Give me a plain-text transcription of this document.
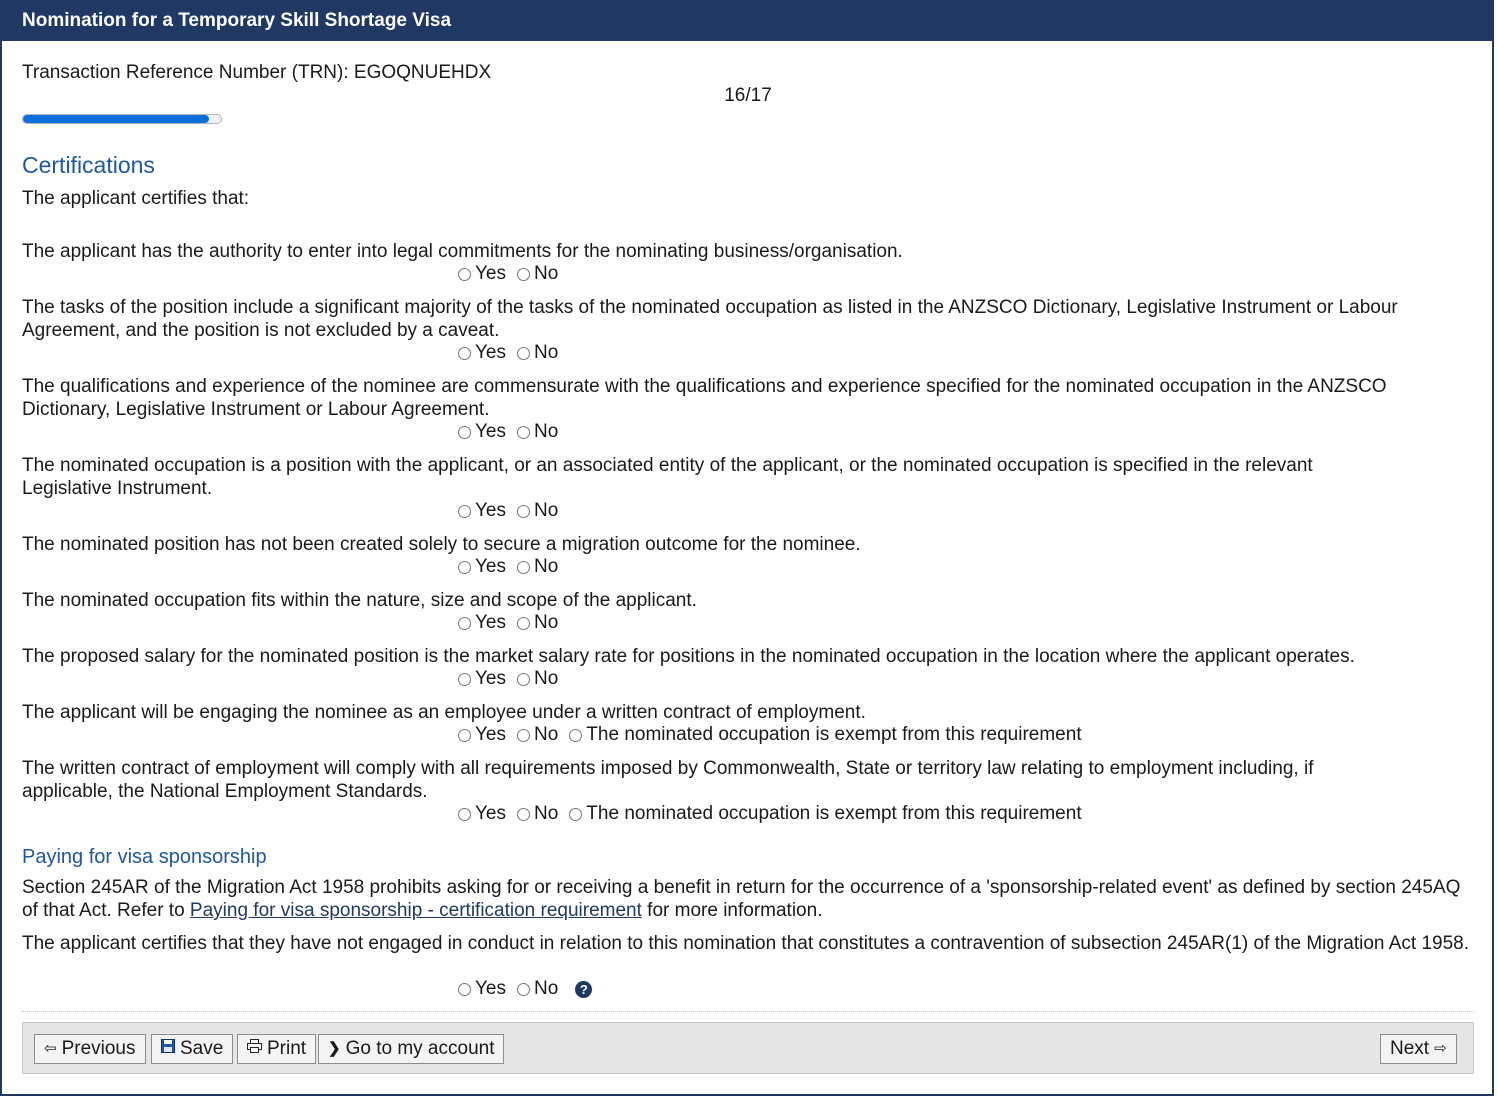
Nomination for a Temporary Skill Shortage Visa
Transaction Reference Number (TRN): EGOQNUEHDX
16/17
Certifications
The applicant certifies that:
The applicant has the authority to enter into legal commitments for the nominating business/organisation.
Yes No
The tasks of the position include a significant majority of the tasks of the nominated occupation as listed in the ANZSCO Dictionary, Legislative Instrument or Labour Agreement, and the position is not excluded by a caveat.
Yes No
The qualifications and experience of the nominee are commensurate with the qualifications and experience specified for the nominated occupation in the ANZSCO Dictionary, Legislative Instrument or Labour Agreement.
Yes No
The nominated occupation is a position with the applicant, or an associated entity of the applicant, or the nominated occupation is specified in the relevant Legislative Instrument.
Yes No
The nominated position has not been created solely to secure a migration outcome for the nominee.
Yes No
The nominated occupation fits within the nature, size and scope of the applicant.
Yes No
The proposed salary for the nominated position is the market salary rate for positions in the nominated occupation in the location where the applicant operates.
Yes No
The applicant will be engaging the nominee as an employee under a written contract of employment.
Yes No The nominated occupation is exempt from this requirement
The written contract of employment will comply with all requirements imposed by Commonwealth, State or territory law relating to employment including, if applicable, the National Employment Standards.
Yes No The nominated occupation is exempt from this requirement
Paying for visa sponsorship
Section 245AR of the Migration Act 1958 prohibits asking for or receiving a benefit in return for the occurrence of a 'sponsorship-related event' as defined by section 245AQ of that Act. Refer to Paying for visa sponsorship - certification requirement for more information.
The applicant certifies that they have not engaged in conduct in relation to this nomination that constitutes a contravention of subsection 245AR(1) of the Migration Act 1958.
Yes No	?
⇦ Previous Save Print ❯ Go to my account	Next ⇨
